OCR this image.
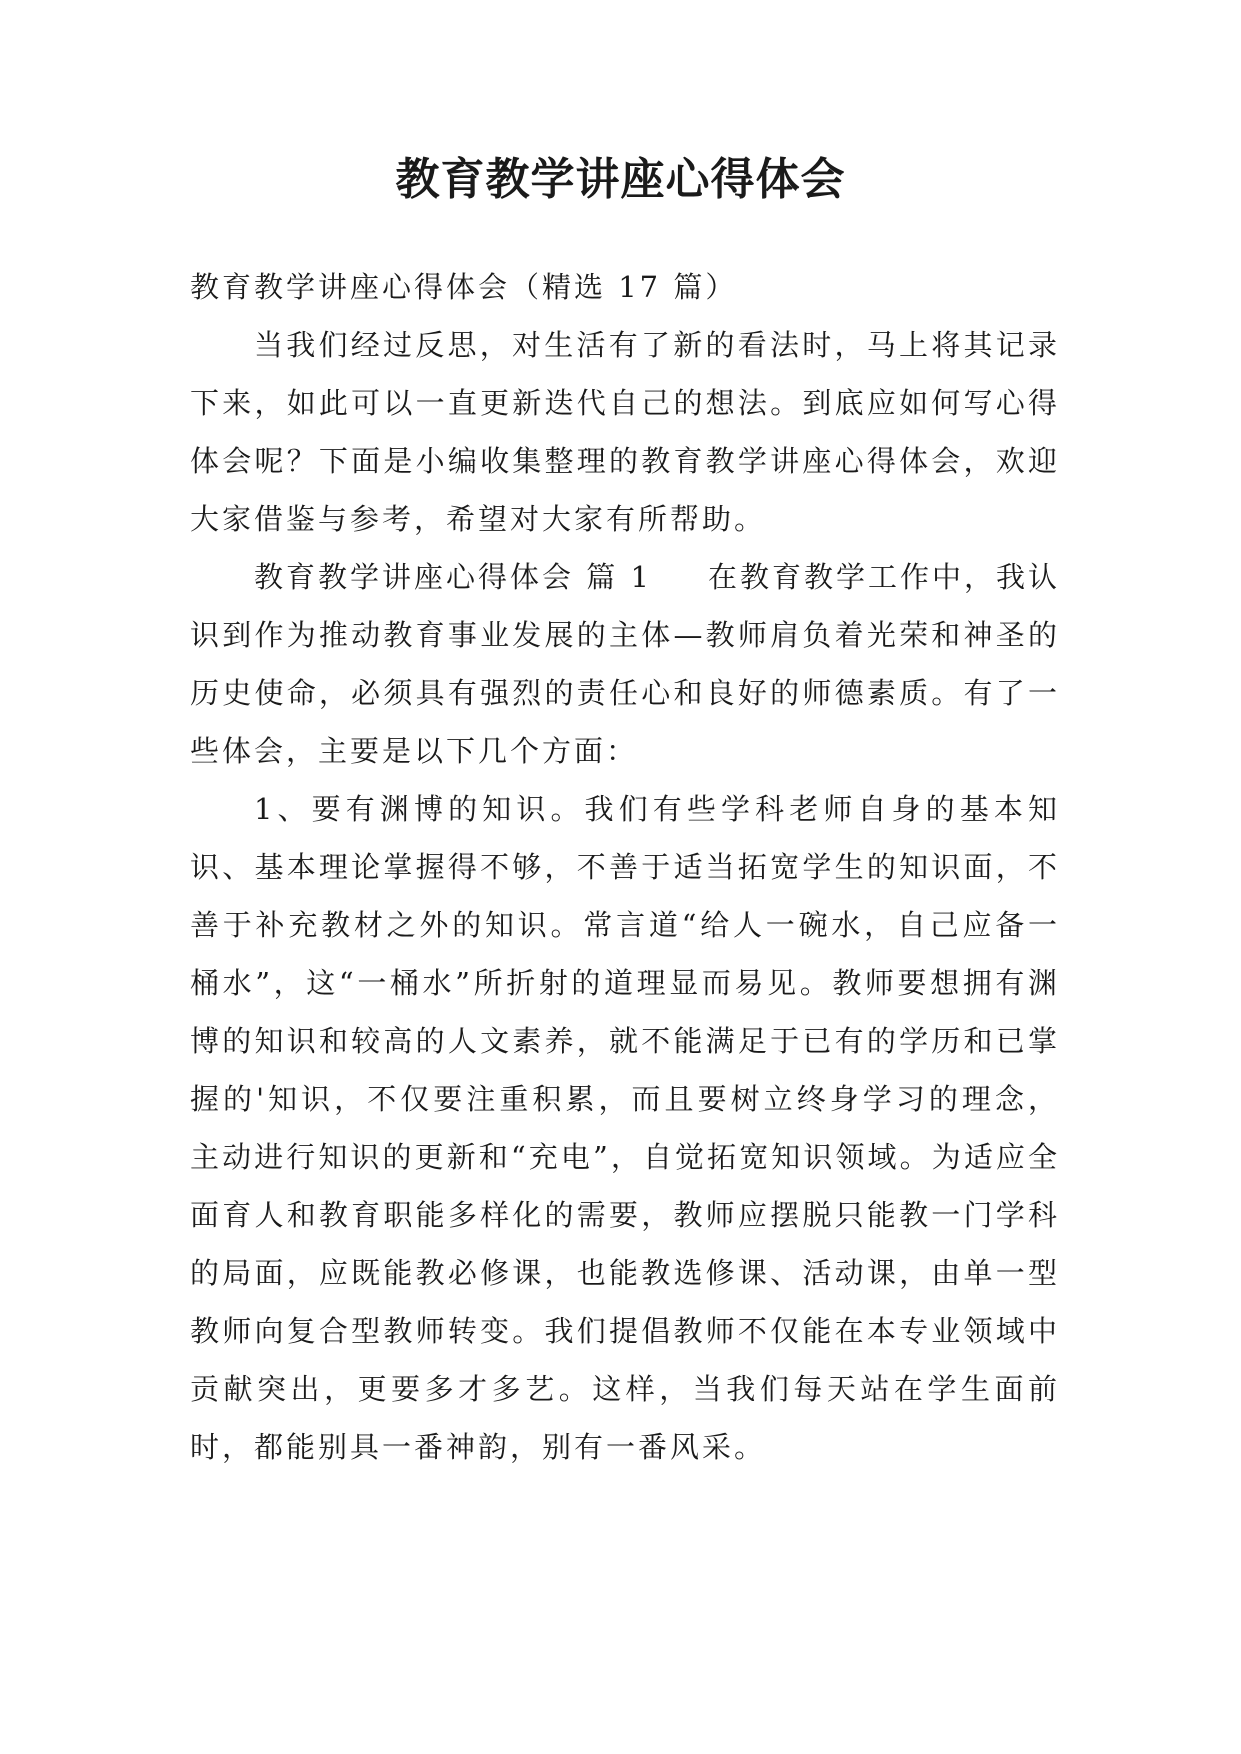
教育教学讲座心得体会

教育教学讲座心得体会（精选 17 篇）

当我们经过反思，对生活有了新的看法时，马上将其记录下来，如此可以一直更新迭代自己的想法。到底应如何写心得体会呢？下面是小编收集整理的教育教学讲座心得体会，欢迎大家借鉴与参考，希望对大家有所帮助。

教育教学讲座心得体会 篇 1 在教育教学工作中，我认识到作为推动教育事业发展的主体—教师肩负着光荣和神圣的历史使命，必须具有强烈的责任心和良好的师德素质。有了一些体会，主要是以下几个方面：

1、要有渊博的知识。我们有些学科老师自身的基本知识、基本理论掌握得不够，不善于适当拓宽学生的知识面，不善于补充教材之外的知识。常言道“给人一碗水，自己应备一桶水”，这“一桶水”所折射的道理显而易见。教师要想拥有渊博的知识和较高的人文素养，就不能满足于已有的学历和已掌握的'知识，不仅要注重积累，而且要树立终身学习的理念，主动进行知识的更新和“充电”，自觉拓宽知识领域。为适应全面育人和教育职能多样化的需要，教师应摆脱只能教一门学科的局面，应既能教必修课，也能教选修课、活动课，由单一型教师向复合型教师转变。我们提倡教师不仅能在本专业领域中贡献突出，更要多才多艺。这样，当我们每天站在学生面前时，都能别具一番神韵，别有一番风采。
